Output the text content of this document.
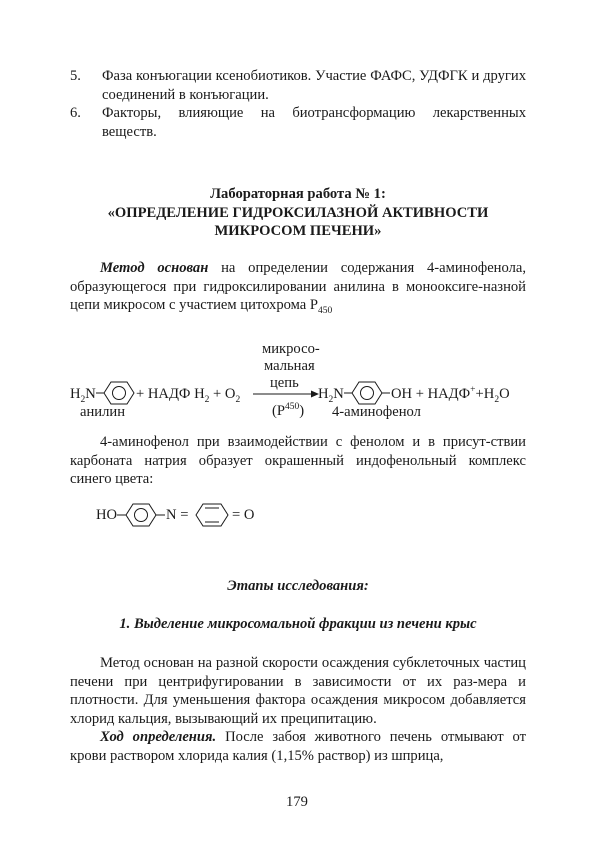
5. Фаза конъюгации ксенобиотиков. Участие ФАФС, УДФГК и других соединений в конъюгации.
6. Факторы, влияющие на биотрансформацию лекарственных веществ.
Лабораторная работа № 1:
«ОПРЕДЕЛЕНИЕ ГИДРОКСИЛАЗНОЙ АКТИВНОСТИ
МИКРОСОМ ПЕЧЕНИ»
Метод основан на определении содержания 4-аминофенола, образующегося при гидроксилировании анилина в монооксиге-назной цепи микросом с участием цитохрома $Р_{450}$
микросо-
мальная
цепь
$H_2N$	+ НАДФ $H_2 + O_2$	$H_2N$	OH + $НАДФ^++H_2O$
анилин	$(P^{450})$ 4-аминофенол
4-аминофенол при взаимодействии с фенолом и в присут-ствии карбоната натрия образует окрашенный индофенольный комплекс синего цвета:
HO	N =	= O
Этапы исследования:
1. Выделение микросомальной фракции из печени крыс
Метод основан на разной скорости осаждения субклеточных частиц печени при центрифугировании в зависимости от их раз-мера и плотности. Для уменьшения фактора осаждения микросом добавляется хлорид кальция, вызывающий их преципитацию.
Ход определения. После забоя животного печень отмывают от крови раствором хлорида калия (1,15% раствор) из шприца,
179
